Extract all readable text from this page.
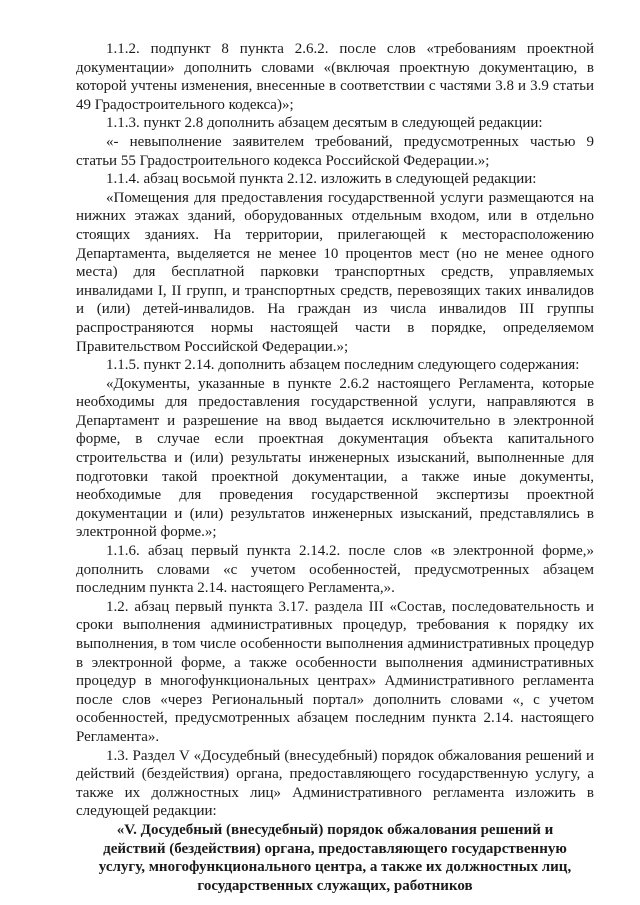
1.1.2. подпункт 8 пункта 2.6.2. после слов «требованиям проектной документации» дополнить словами «(включая проектную документацию, в которой учтены изменения, внесенные в соответствии с частями 3.8 и 3.9 статьи 49 Градостроительного кодекса)»;

1.1.3. пункт 2.8 дополнить абзацем десятым в следующей редакции:

«- невыполнение заявителем требований, предусмотренных частью 9 статьи 55 Градостроительного кодекса Российской Федерации.»;

1.1.4. абзац восьмой пункта 2.12. изложить в следующей редакции:

«Помещения для предоставления государственной услуги размещаются на нижних этажах зданий, оборудованных отдельным входом, или в отдельно стоящих зданиях. На территории, прилегающей к месторасположению Департамента, выделяется не менее 10 процентов мест (но не менее одного места) для бесплатной парковки транспортных средств, управляемых инвалидами I, II групп, и транспортных средств, перевозящих таких инвалидов и (или) детей-инвалидов. На граждан из числа инвалидов III группы распространяются нормы настоящей части в порядке, определяемом Правительством Российской Федерации.»;

1.1.5. пункт 2.14. дополнить абзацем последним следующего содержания:

«Документы, указанные в пункте 2.6.2 настоящего Регламента, которые необходимы для предоставления государственной услуги, направляются в Департамент и разрешение на ввод выдается исключительно в электронной форме, в случае если проектная документация объекта капитального строительства и (или) результаты инженерных изысканий, выполненные для подготовки такой проектной документации, а также иные документы, необходимые для проведения государственной экспертизы проектной документации и (или) результатов инженерных изысканий, представлялись в электронной форме.»;

1.1.6. абзац первый пункта 2.14.2. после слов «в электронной форме,» дополнить словами «с учетом особенностей, предусмотренных абзацем последним пункта 2.14. настоящего Регламента,».

1.2. абзац первый пункта 3.17. раздела III «Состав, последовательность и сроки выполнения административных процедур, требования к порядку их выполнения, в том числе особенности выполнения административных процедур в электронной форме, а также особенности выполнения административных процедур в многофункциональных центрах» Административного регламента после слов «через Региональный портал» дополнить словами «, с учетом особенностей, предусмотренных абзацем последним пункта 2.14. настоящего Регламента».

1.3. Раздел V «Досудебный (внесудебный) порядок обжалования решений и действий (бездействия) органа, предоставляющего государственную услугу, а также их должностных лиц» Административного регламента изложить в следующей редакции:

«V. Досудебный (внесудебный) порядок обжалования решений и действий (бездействия) органа, предоставляющего государственную услугу, многофункционального центра, а также их должностных лиц, государственных служащих, работников
